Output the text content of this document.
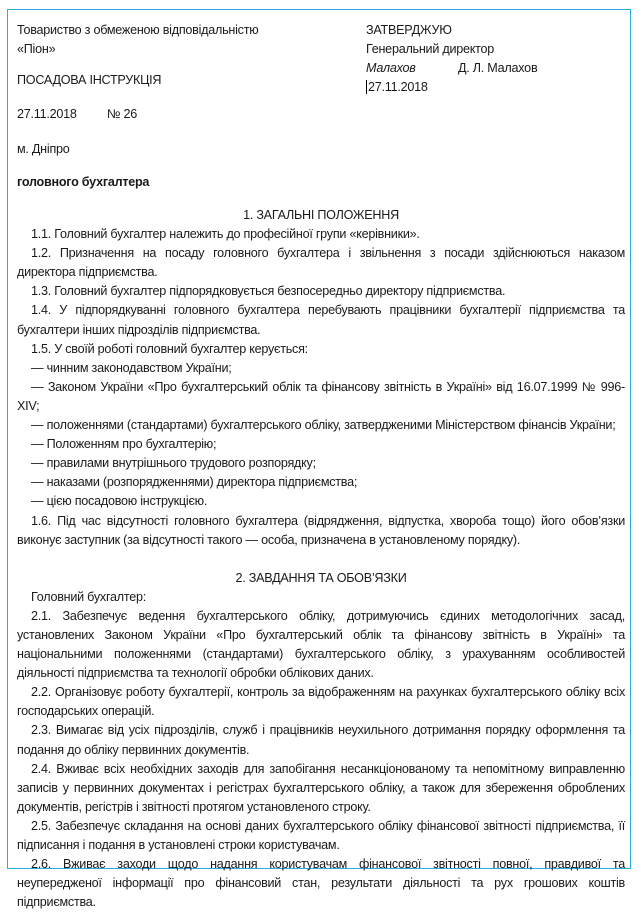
Товариство з обмеженою відповідальністю
«Піон»
ЗАТВЕРДЖУЮ
Генеральний директор
Малахов	Д. Л. Малахов
27.11.2018
ПОСАДОВА ІНСТРУКЦІЯ
27.11.2018 № 26
м. Дніпро
головного бухгалтера
1. ЗАГАЛЬНІ ПОЛОЖЕННЯ

1.1. Головний бухгалтер належить до професійної групи «керівники».

1.2. Призначення на посаду головного бухгалтера і звільнення з посади здійснюються наказом директора підприємства.

1.3. Головний бухгалтер підпорядковується безпосередньо директору підприємства.

1.4. У підпорядкуванні головного бухгалтера перебувають працівники бухгалтерії підприємства та бухгалтери інших підрозділів підприємства.

1.5. У своїй роботі головний бухгалтер керується:

— чинним законодавством України;

— Законом України «Про бухгалтерський облік та фінансову звітність в Україні» від 16.07.1999 № 996-XIV;

— положеннями (стандартами) бухгалтерського обліку, затвердженими Міністерством фінансів України;

— Положенням про бухгалтерію;

— правилами внутрішнього трудового розпорядку;

— наказами (розпорядженнями) директора підприємства;

— цією посадовою інструкцією.

1.6. Під час відсутності головного бухгалтера (відрядження, відпустка, хвороба тощо) його обов’язки виконує заступник (за відсутності такого — особа, призначена в установленому порядку).

2. ЗАВДАННЯ ТА ОБОВ’ЯЗКИ

Головний бухгалтер:

2.1. Забезпечує ведення бухгалтерського обліку, дотримуючись єдиних методологічних засад, установлених Законом України «Про бухгалтерський облік та фінансову звітність в Україні» та національними положеннями (стандартами) бухгалтерського обліку, з урахуванням особливостей діяльності підприємства та технології обробки облікових даних.

2.2. Організовує роботу бухгалтерії, контроль за відображенням на рахунках бухгалтерського обліку всіх господарських операцій.

2.3. Вимагає від усіх підрозділів, служб і працівників неухильного дотримання порядку оформлення та подання до обліку первинних документів.

2.4. Вживає всіх необхідних заходів для запобігання несанкціонованому та непомітному виправленню записів у первинних документах і регістрах бухгалтерського обліку, а також для збереження оброблених документів, регістрів і звітності протягом установленого строку.

2.5. Забезпечує складання на основі даних бухгалтерського обліку фінансової звітності підприємства, її підписання і подання в установлені строки користувачам.

2.6. Вживає заходи щодо надання користувачам фінансової звітності повної, правдивої та неупередженої інформації про фінансовий стан, результати діяльності та рух грошових коштів підприємства.
